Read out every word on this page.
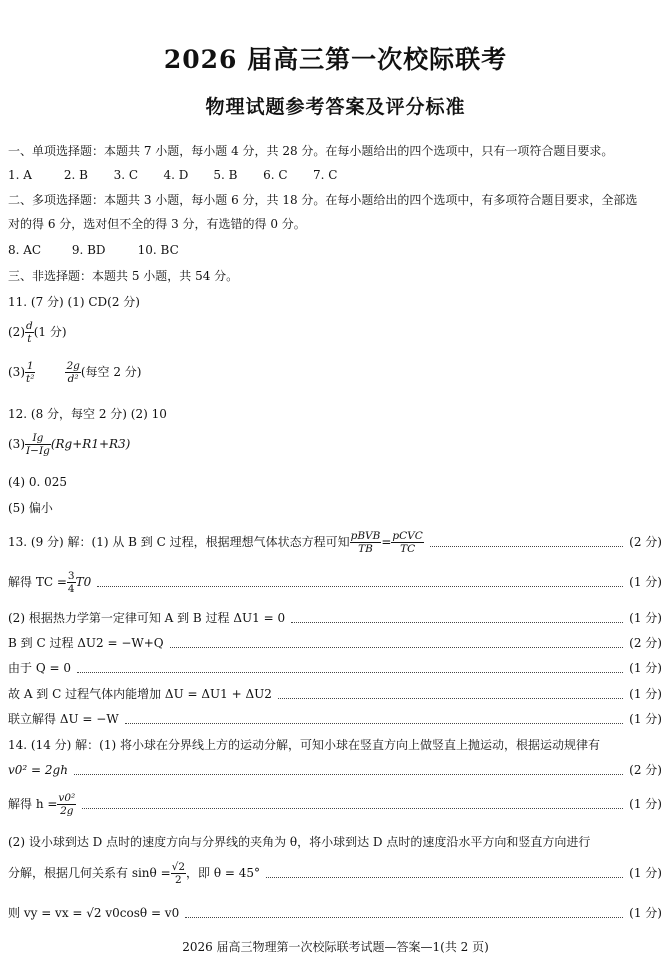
2026 届高三第一次校际联考
物理试题参考答案及评分标准
一、单项选择题：本题共 7 小题，每小题 4 分，共 28 分。在每小题给出的四个选项中，只有一项符合题目要求。
1. A	2. B 3. C 4. D 5. B 6. C 7. C
二、多项选择题：本题共 3 小题，每小题 6 分，共 18 分。在每小题给出的四个选项中，有多项符合题目要求，全部选
对的得 6 分，选对但不全的得 3 分，有选错的得 0 分。
8. AC	9. BD	10. BC
三、非选择题：本题共 5 小题，共 54 分。
11. (7 分) (1) CD(2 分)
$(2) \frac{d}{t} (1$ 分)
$(3) \frac{1}{\text{t²}}$	$\frac{2g}{\text{d²}}$ (每空 2 分)
12. (8 分，每空 2 分) (2) 10
$(3) \frac{Ig}{I-Ig} (Rg+R1+R3)$
(4) 0. 025
(5) 偏小
13. (9 分) 解：(1) 从 B 到 C 过程，根据理想气体状态方程可知 $\frac{\text{pBVB}}{TB} = \frac{\text{pCVC}}{TC}$	(2 分)
解得 TC = $\frac{3}{4} T0$	(1 分)
(2) 根据热力学第一定律可知 A 到 B 过程 ΔU1 = 0	(1 分)
B 到 C 过程 ΔU2 = −W+Q	(2 分)
由于 Q = 0	(1 分)
故 A 到 C 过程气体内能增加 ΔU = ΔU1 + ΔU2	(1 分)
联立解得 ΔU = −W	(1 分)
14. (14 分) 解：(1) 将小球在分界线上方的运动分解，可知小球在竖直方向上做竖直上抛运动，根据运动规律有
v0² = 2gh	(2 分)
解得 $h = \frac{\text{v0²}}{2g}$	(1 分)
(2) 设小球到达 D 点时的速度方向与分界线的夹角为 θ，将小球到达 D 点时的速度沿水平方向和竖直方向进行
分解，根据几何关系有 $\sin\theta = \frac{√2}{2}$ ，即 θ = 45°	(1 分)
则 vy = vx = √2 v0cosθ = v0	(1 分)
2026 届高三物理第一次校际联考试题—答案—1(共 2 页)
